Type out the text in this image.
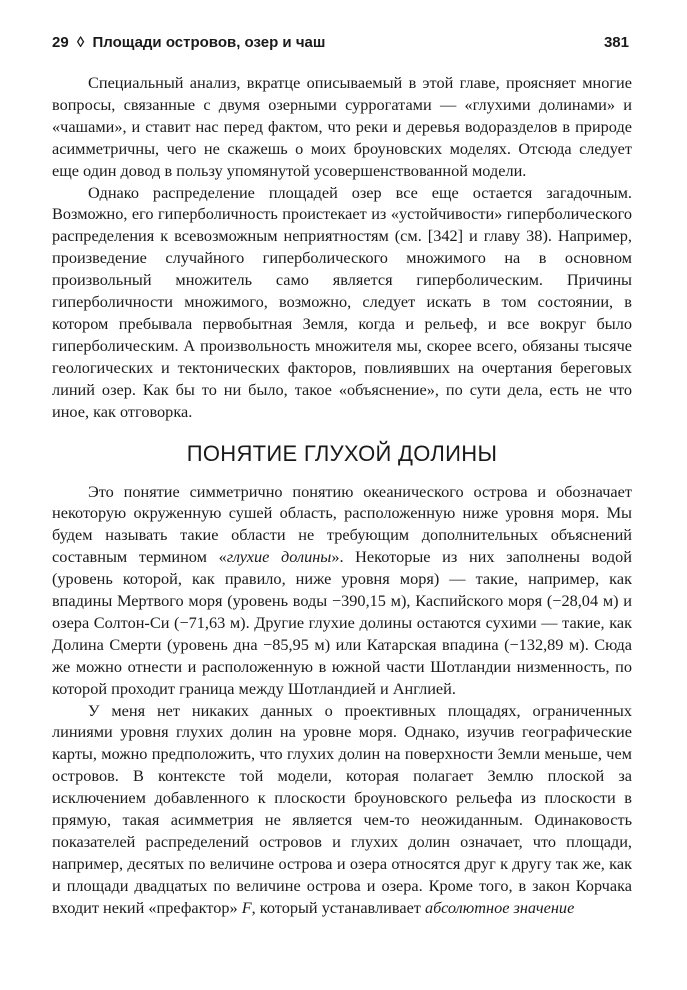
29 ◊ Площади островов, озер и чаш	381

Специальный анализ, вкратце описываемый в этой главе, проясняет многие вопросы, связанные с двумя озерными суррогатами — «глухими долинами» и «чашами», и ставит нас перед фактом, что реки и деревья водоразделов в природе асимметричны, чего не скажешь о моих броуновских моделях. Отсюда следует еще один довод в пользу упомянутой усовершенствованной модели.

Однако распределение площадей озер все еще остается загадочным. Возможно, его гиперболичность проистекает из «устойчивости» гиперболического распределения к всевозможным неприятностям (см. [342] и главу 38). Например, произведение случайного гиперболического множимого на в основном произвольный множитель само является гиперболическим. Причины гиперболичности множимого, возможно, следует искать в том состоянии, в котором пребывала первобытная Земля, когда и рельеф, и все вокруг было гиперболическим. А произвольность множителя мы, скорее всего, обязаны тысяче геологических и тектонических факторов, повлиявших на очертания береговых линий озер. Как бы то ни было, такое «объяснение», по сути дела, есть не что иное, как отговорка.

ПОНЯТИЕ ГЛУХОЙ ДОЛИНЫ

Это понятие симметрично понятию океанического острова и обозначает некоторую окруженную сушей область, расположенную ниже уровня моря. Мы будем называть такие области не требующим дополнительных объяснений составным термином «глухие долины». Некоторые из них заполнены водой (уровень которой, как правило, ниже уровня моря) — такие, например, как впадины Мертвого моря (уровень воды −390,15 м), Каспийского моря (−28,04 м) и озера Солтон-Си (−71,63 м). Другие глухие долины остаются сухими — такие, как Долина Смерти (уровень дна −85,95 м) или Катарская впадина (−132,89 м). Сюда же можно отнести и расположенную в южной части Шотландии низменность, по которой проходит граница между Шотландией и Англией.

У меня нет никаких данных о проективных площадях, ограниченных линиями уровня глухих долин на уровне моря. Однако, изучив географические карты, можно предположить, что глухих долин на поверхности Земли меньше, чем островов. В контексте той модели, которая полагает Землю плоской за исключением добавленного к плоскости броуновского рельефа из плоскости в прямую, такая асимметрия не является чем-то неожиданным. Одинаковость показателей распределений островов и глухих долин означает, что площади, например, десятых по величине острова и озера относятся друг к другу так же, как и площади двадцатых по величине острова и озера. Кроме того, в закон Корчака входит некий «префактор» F, который устанавливает абсолютное значение
